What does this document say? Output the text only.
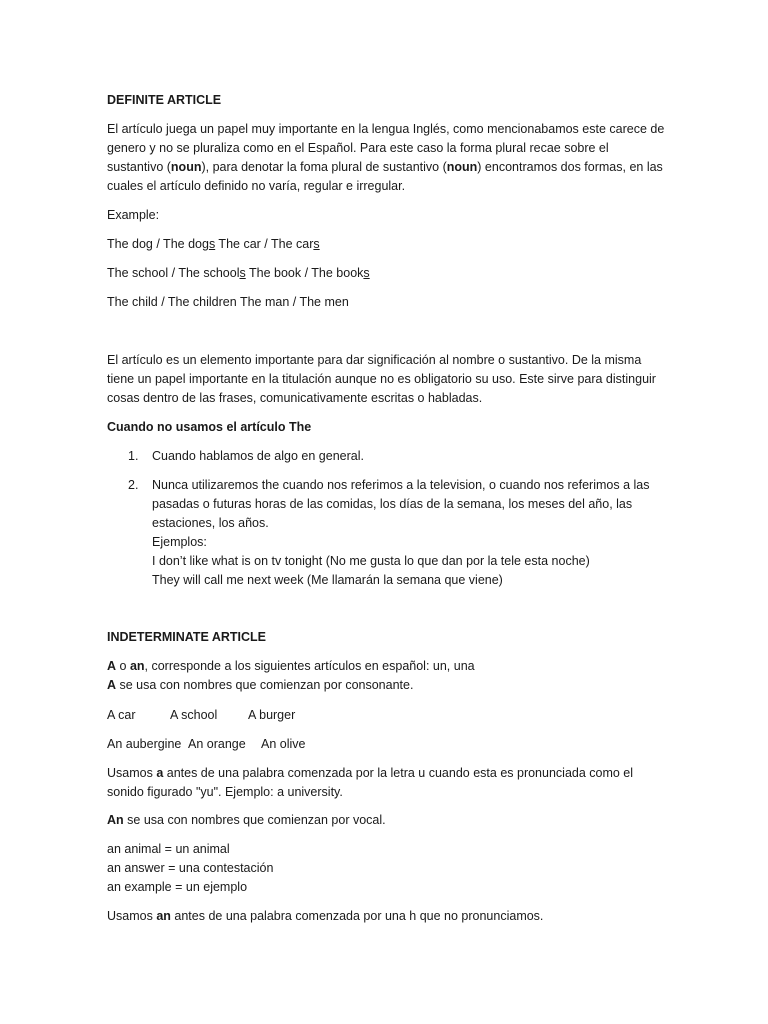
DEFINITE ARTICLE

El artículo juega un papel muy importante en la lengua Inglés, como mencionabamos este carece de genero y no se pluraliza como en el Español. Para este caso la forma plural recae sobre el sustantivo (noun), para denotar la foma plural de sustantivo (noun) encontramos dos formas, en las cuales el artículo definido no varía, regular e irregular.

Example:

The dog / The dogs The car / The cars

The school / The schools The book / The books

The child / The children The man / The men

El artículo es un elemento importante para dar significación al nombre o sustantivo. De la misma tiene un papel importante en la titulación aunque no es obligatorio su uso. Este sirve para distinguir cosas dentro de las frases, comunicativamente escritas o habladas.

Cuando no usamos el artículo The

1.	Cuando hablamos de algo en general.
2.	Nunca utilizaremos the cuando nos referimos a la television, o cuando nos referimos a las pasadas o futuras horas de las comidas, los días de la semana, los meses del año, las estaciones, los años.
Ejemplos:
I don’t like what is on tv tonight (No me gusta lo que dan por la tele esta noche)
They will call me next week (Me llamarán la semana que viene)

INDETERMINATE ARTICLE

A o an, corresponde a los siguientes artículos en español: un, una
A se usa con nombres que comienzan por consonante.

A car	A school A burger
An aubergine An orange An olive

Usamos a antes de una palabra comenzada por la letra u cuando esta es pronunciada como el sonido figurado "yu". Ejemplo: a university.

An se usa con nombres que comienzan por vocal.

an animal = un animal
an answer = una contestación
an example = un ejemplo

Usamos an antes de una palabra comenzada por una h que no pronunciamos.
